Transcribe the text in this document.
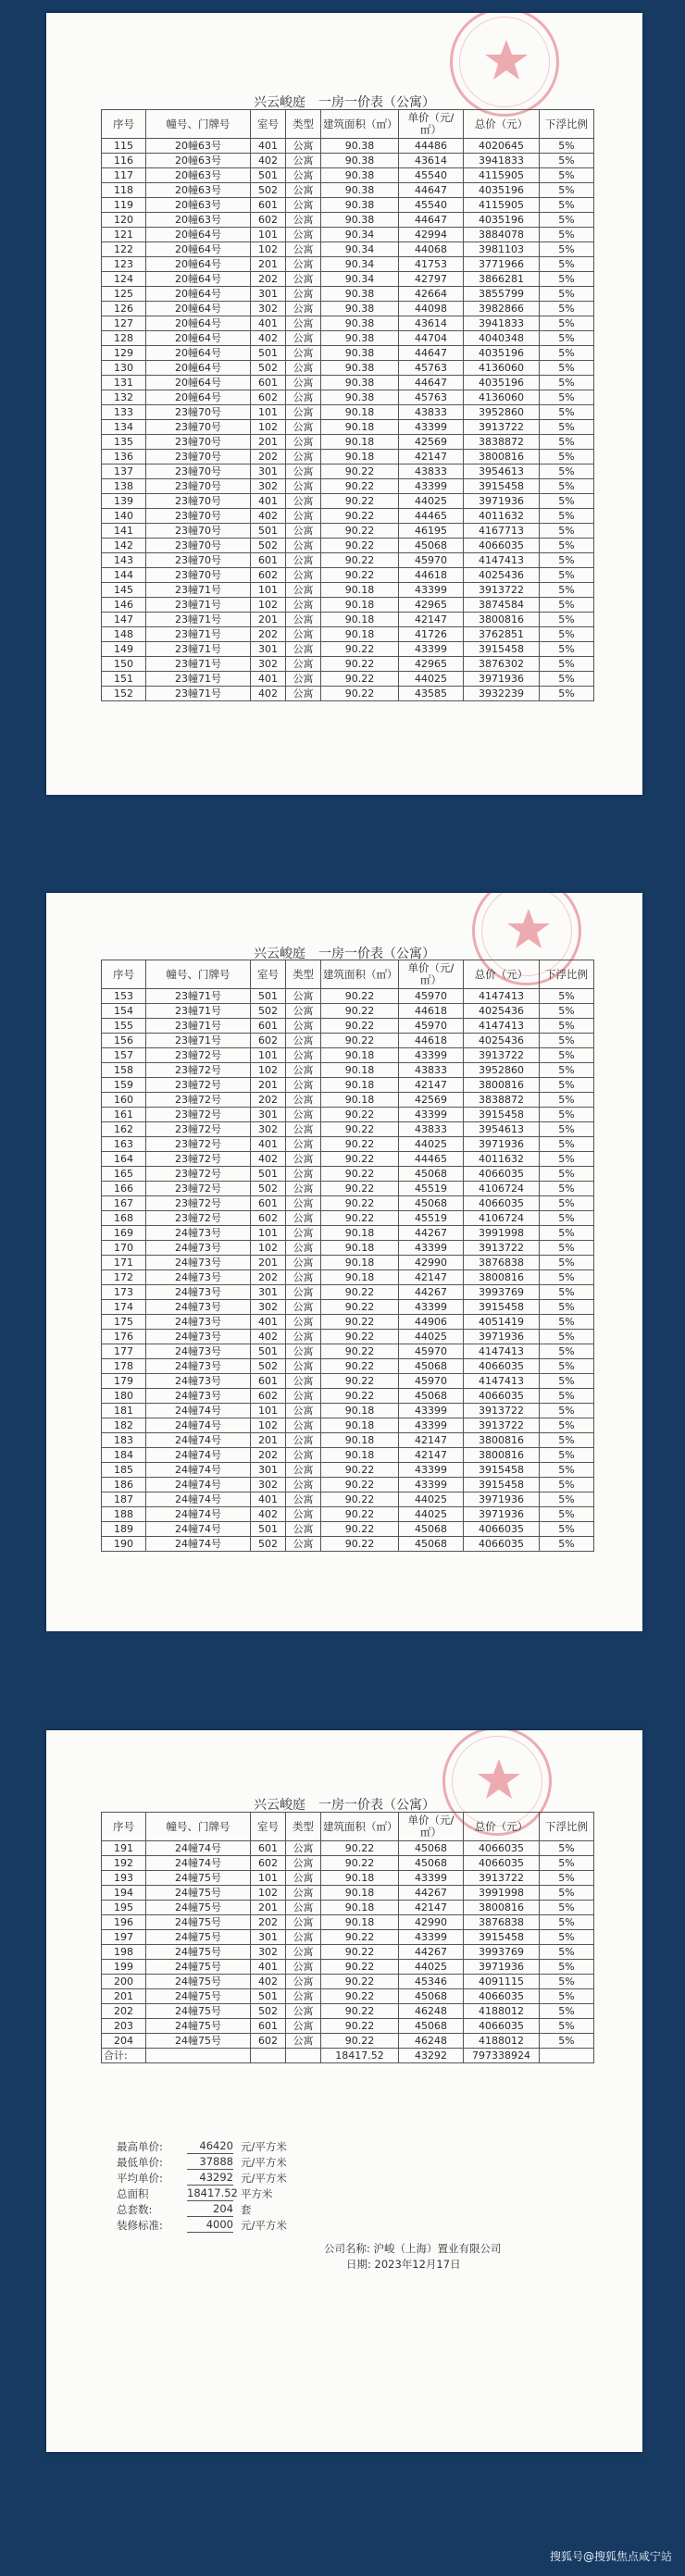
兴云峻庭　一房一价表（公寓）
序号	幢号、门牌号	室号	类型	建筑面积（㎡）	单价（元/㎡）	总价（元）	下浮比例
115	20幢63号	401	公寓	90.38	44486	4020645	5%
116	20幢63号	402	公寓	90.38	43614	3941833	5%
117	20幢63号	501	公寓	90.38	45540	4115905	5%
118	20幢63号	502	公寓	90.38	44647	4035196	5%
119	20幢63号	601	公寓	90.38	45540	4115905	5%
120	20幢63号	602	公寓	90.38	44647	4035196	5%
121	20幢64号	101	公寓	90.34	42994	3884078	5%
122	20幢64号	102	公寓	90.34	44068	3981103	5%
123	20幢64号	201	公寓	90.34	41753	3771966	5%
124	20幢64号	202	公寓	90.34	42797	3866281	5%
125	20幢64号	301	公寓	90.38	42664	3855799	5%
126	20幢64号	302	公寓	90.38	44098	3982866	5%
127	20幢64号	401	公寓	90.38	43614	3941833	5%
128	20幢64号	402	公寓	90.38	44704	4040348	5%
129	20幢64号	501	公寓	90.38	44647	4035196	5%
130	20幢64号	502	公寓	90.38	45763	4136060	5%
131	20幢64号	601	公寓	90.38	44647	4035196	5%
132	20幢64号	602	公寓	90.38	45763	4136060	5%
133	23幢70号	101	公寓	90.18	43833	3952860	5%
134	23幢70号	102	公寓	90.18	43399	3913722	5%
135	23幢70号	201	公寓	90.18	42569	3838872	5%
136	23幢70号	202	公寓	90.18	42147	3800816	5%
137	23幢70号	301	公寓	90.22	43833	3954613	5%
138	23幢70号	302	公寓	90.22	43399	3915458	5%
139	23幢70号	401	公寓	90.22	44025	3971936	5%
140	23幢70号	402	公寓	90.22	44465	4011632	5%
141	23幢70号	501	公寓	90.22	46195	4167713	5%
142	23幢70号	502	公寓	90.22	45068	4066035	5%
143	23幢70号	601	公寓	90.22	45970	4147413	5%
144	23幢70号	602	公寓	90.22	44618	4025436	5%
145	23幢71号	101	公寓	90.18	43399	3913722	5%
146	23幢71号	102	公寓	90.18	42965	3874584	5%
147	23幢71号	201	公寓	90.18	42147	3800816	5%
148	23幢71号	202	公寓	90.18	41726	3762851	5%
149	23幢71号	301	公寓	90.22	43399	3915458	5%
150	23幢71号	302	公寓	90.22	42965	3876302	5%
151	23幢71号	401	公寓	90.22	44025	3971936	5%
152	23幢71号	402	公寓	90.22	43585	3932239	5%
兴云峻庭　一房一价表（公寓）
序号	幢号、门牌号	室号	类型	建筑面积（㎡）	单价（元/㎡）	总价（元）	下浮比例
153	23幢71号	501	公寓	90.22	45970	4147413	5%
154	23幢71号	502	公寓	90.22	44618	4025436	5%
155	23幢71号	601	公寓	90.22	45970	4147413	5%
156	23幢71号	602	公寓	90.22	44618	4025436	5%
157	23幢72号	101	公寓	90.18	43399	3913722	5%
158	23幢72号	102	公寓	90.18	43833	3952860	5%
159	23幢72号	201	公寓	90.18	42147	3800816	5%
160	23幢72号	202	公寓	90.18	42569	3838872	5%
161	23幢72号	301	公寓	90.22	43399	3915458	5%
162	23幢72号	302	公寓	90.22	43833	3954613	5%
163	23幢72号	401	公寓	90.22	44025	3971936	5%
164	23幢72号	402	公寓	90.22	44465	4011632	5%
165	23幢72号	501	公寓	90.22	45068	4066035	5%
166	23幢72号	502	公寓	90.22	45519	4106724	5%
167	23幢72号	601	公寓	90.22	45068	4066035	5%
168	23幢72号	602	公寓	90.22	45519	4106724	5%
169	24幢73号	101	公寓	90.18	44267	3991998	5%
170	24幢73号	102	公寓	90.18	43399	3913722	5%
171	24幢73号	201	公寓	90.18	42990	3876838	5%
172	24幢73号	202	公寓	90.18	42147	3800816	5%
173	24幢73号	301	公寓	90.22	44267	3993769	5%
174	24幢73号	302	公寓	90.22	43399	3915458	5%
175	24幢73号	401	公寓	90.22	44906	4051419	5%
176	24幢73号	402	公寓	90.22	44025	3971936	5%
177	24幢73号	501	公寓	90.22	45970	4147413	5%
178	24幢73号	502	公寓	90.22	45068	4066035	5%
179	24幢73号	601	公寓	90.22	45970	4147413	5%
180	24幢73号	602	公寓	90.22	45068	4066035	5%
181	24幢74号	101	公寓	90.18	43399	3913722	5%
182	24幢74号	102	公寓	90.18	43399	3913722	5%
183	24幢74号	201	公寓	90.18	42147	3800816	5%
184	24幢74号	202	公寓	90.18	42147	3800816	5%
185	24幢74号	301	公寓	90.22	43399	3915458	5%
186	24幢74号	302	公寓	90.22	43399	3915458	5%
187	24幢74号	401	公寓	90.22	44025	3971936	5%
188	24幢74号	402	公寓	90.22	44025	3971936	5%
189	24幢74号	501	公寓	90.22	45068	4066035	5%
190	24幢74号	502	公寓	90.22	45068	4066035	5%
兴云峻庭　一房一价表（公寓）
序号	幢号、门牌号	室号	类型	建筑面积（㎡）	单价（元/㎡）	总价（元）	下浮比例
191	24幢74号	601	公寓	90.22	45068	4066035	5%
192	24幢74号	602	公寓	90.22	45068	4066035	5%
193	24幢75号	101	公寓	90.18	43399	3913722	5%
194	24幢75号	102	公寓	90.18	44267	3991998	5%
195	24幢75号	201	公寓	90.18	42147	3800816	5%
196	24幢75号	202	公寓	90.18	42990	3876838	5%
197	24幢75号	301	公寓	90.22	43399	3915458	5%
198	24幢75号	302	公寓	90.22	44267	3993769	5%
199	24幢75号	401	公寓	90.22	44025	3971936	5%
200	24幢75号	402	公寓	90.22	45346	4091115	5%
201	24幢75号	501	公寓	90.22	45068	4066035	5%
202	24幢75号	502	公寓	90.22	46248	4188012	5%
203	24幢75号	601	公寓	90.22	45068	4066035	5%
204	24幢75号	602	公寓	90.22	46248	4188012	5%
合计:				18417.52	43292	797338924	
最高单价:	46420 元/平方米
最低单价:	37888 元/平方米
平均单价:	43292 元/平方米
总面积	18417.52 平方米
总套数:	204 套
装修标准:	4000 元/平方米
公司名称: 沪峻（上海）置业有限公司
日期: 2023年12月17日
搜狐号@搜狐焦点咸宁站
